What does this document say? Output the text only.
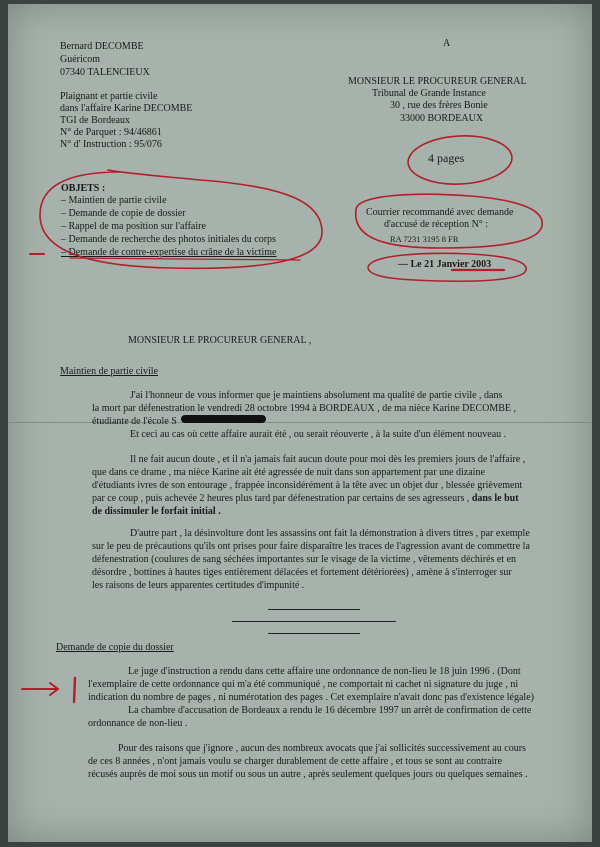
Bernard DECOMBE
Guéricom
07340 TALENCIEUX
Plaignant et partie civile
dans l'affaire Karine DECOMBE
TGI de Bordeaux
N° de Parquet : 94/46861
N° d' Instruction : 95/076
A
MONSIEUR LE PROCUREUR GENERAL
Tribunal de Grande Instance
30 , rue des frères Bonie
33000 BORDEAUX
4 pages
Courrier recommandé avec demande
d'accusé de réception N° :
RA 7231 3195 8 FR
— Le 21 Janvier 2003
OBJETS :
– Maintien de partie civile
– Demande de copie de dossier
– Rappel de ma position sur l'affaire
– Demande de recherche des photos initiales du corps
– Demande de contre-expertise du crâne de la victime
MONSIEUR LE PROCUREUR GENERAL ,
Maintien de partie civile
J'ai l'honneur de vous informer que je maintiens absolument ma qualité de partie civile , dans
la mort par défenestration le vendredi 28 octobre 1994 à BORDEAUX , de ma nièce Karine DECOMBE ,
étudiante de l'école S
Et ceci au cas où cette affaire aurait été , ou serait réouverte , à la suite d'un élément nouveau .
Il ne fait aucun doute , et il n'a jamais fait aucun doute pour moi dès les premiers jours de l'affaire ,
que dans ce drame , ma nièce Karine ait été agressée de nuit dans son appartement par une dizaine
d'étudiants ivres de son entourage , frappée inconsidérément à la tête avec un objet dur , blessée grièvement
par ce coup , puis achevée 2 heures plus tard par défenestration par certains de ses agresseurs , dans le but
de dissimuler le forfait initial .
D'autre part , la désinvolture dont les assassins ont fait la démonstration à divers titres , par exemple
sur le peu de précautions qu'ils ont prises pour faire disparaître les traces de l'agression avant de commettre la
défenestration (coulures de sang séchées importantes sur le visage de la victime , vêtements déchirés et en
désordre , bottines à hautes tiges entièrement délacées et fortement détériorées) , amène à s'interroger sur
les raisons de leurs apparentes certitudes d'impunité .
Demande de copie du dossier
Le juge d'instruction a rendu dans cette affaire une ordonnance de non-lieu le 18 juin 1996 . (Dont
l'exemplaire de cette ordonnance qui m'a été communiqué , ne comportait ni cachet ni signature du juge , ni
indication du nombre de pages , ni numérotation des pages . Cet exemplaire n'avait donc pas d'existence légale)
La chambre d'accusation de Bordeaux a rendu le 16 décembre 1997 un arrêt de confirmation de cette
ordonnance de non-lieu .
Pour des raisons que j'ignore , aucun des nombreux avocats que j'ai sollicités successivement au cours
de ces 8 années , n'ont jamais voulu se charger durablement de cette affaire , et tous se sont au contraire
récusés auprès de moi sous un motif ou sous un autre , après seulement quelques jours ou quelques semaines .
